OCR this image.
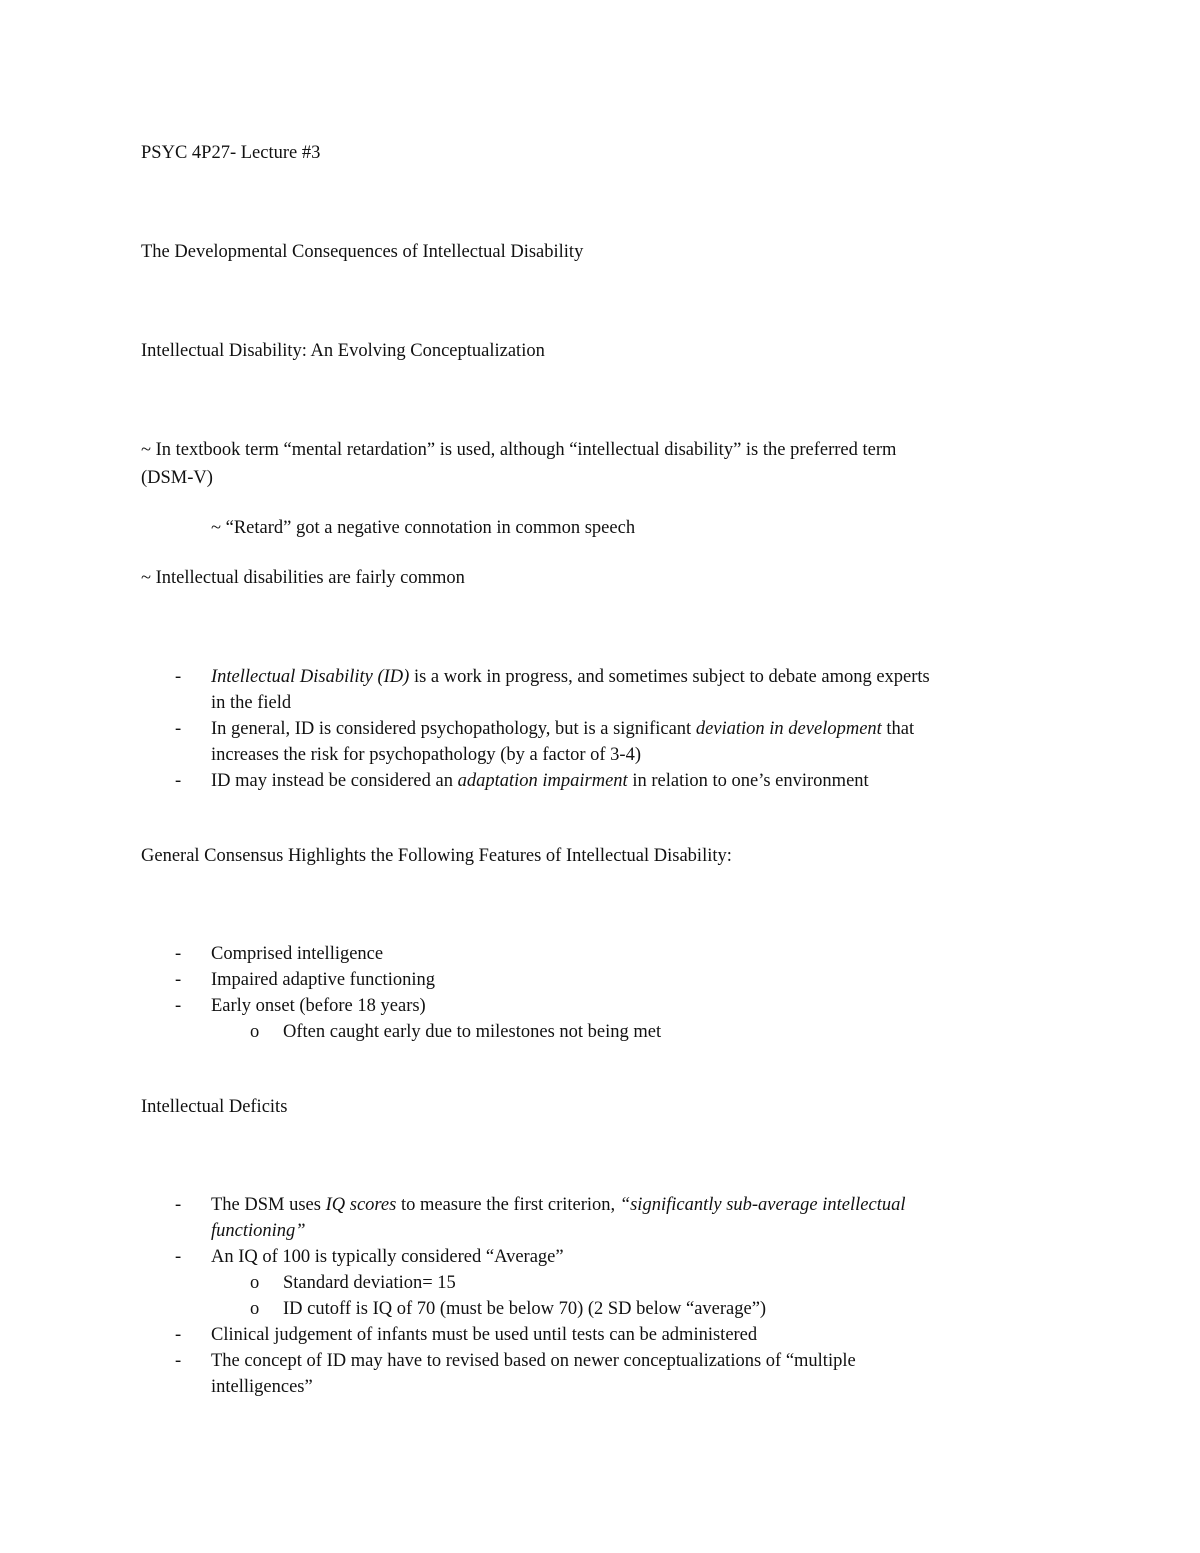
PSYC 4P27- Lecture #3
The Developmental Consequences of Intellectual Disability
Intellectual Disability: An Evolving Conceptualization
~ In textbook term “mental retardation” is used, although “intellectual disability” is the preferred term
(DSM-V)
~ “Retard” got a negative connotation in common speech
~ Intellectual disabilities are fairly common
- Intellectual Disability (ID) is a work in progress, and sometimes subject to debate among experts
in the field
- In general, ID is considered psychopathology, but is a significant deviation in development that
increases the risk for psychopathology (by a factor of 3-4)
- ID may instead be considered an adaptation impairment in relation to one’s environment
General Consensus Highlights the Following Features of Intellectual Disability:
- Comprised intelligence
- Impaired adaptive functioning
- Early onset (before 18 years)
o Often caught early due to milestones not being met
Intellectual Deficits
- The DSM uses IQ scores to measure the first criterion, “significantly sub-average intellectual
functioning”
- An IQ of 100 is typically considered “Average”
o Standard deviation= 15
o ID cutoff is IQ of 70 (must be below 70) (2 SD below “average”)
- Clinical judgement of infants must be used until tests can be administered
- The concept of ID may have to revised based on newer conceptualizations of “multiple
intelligences”
